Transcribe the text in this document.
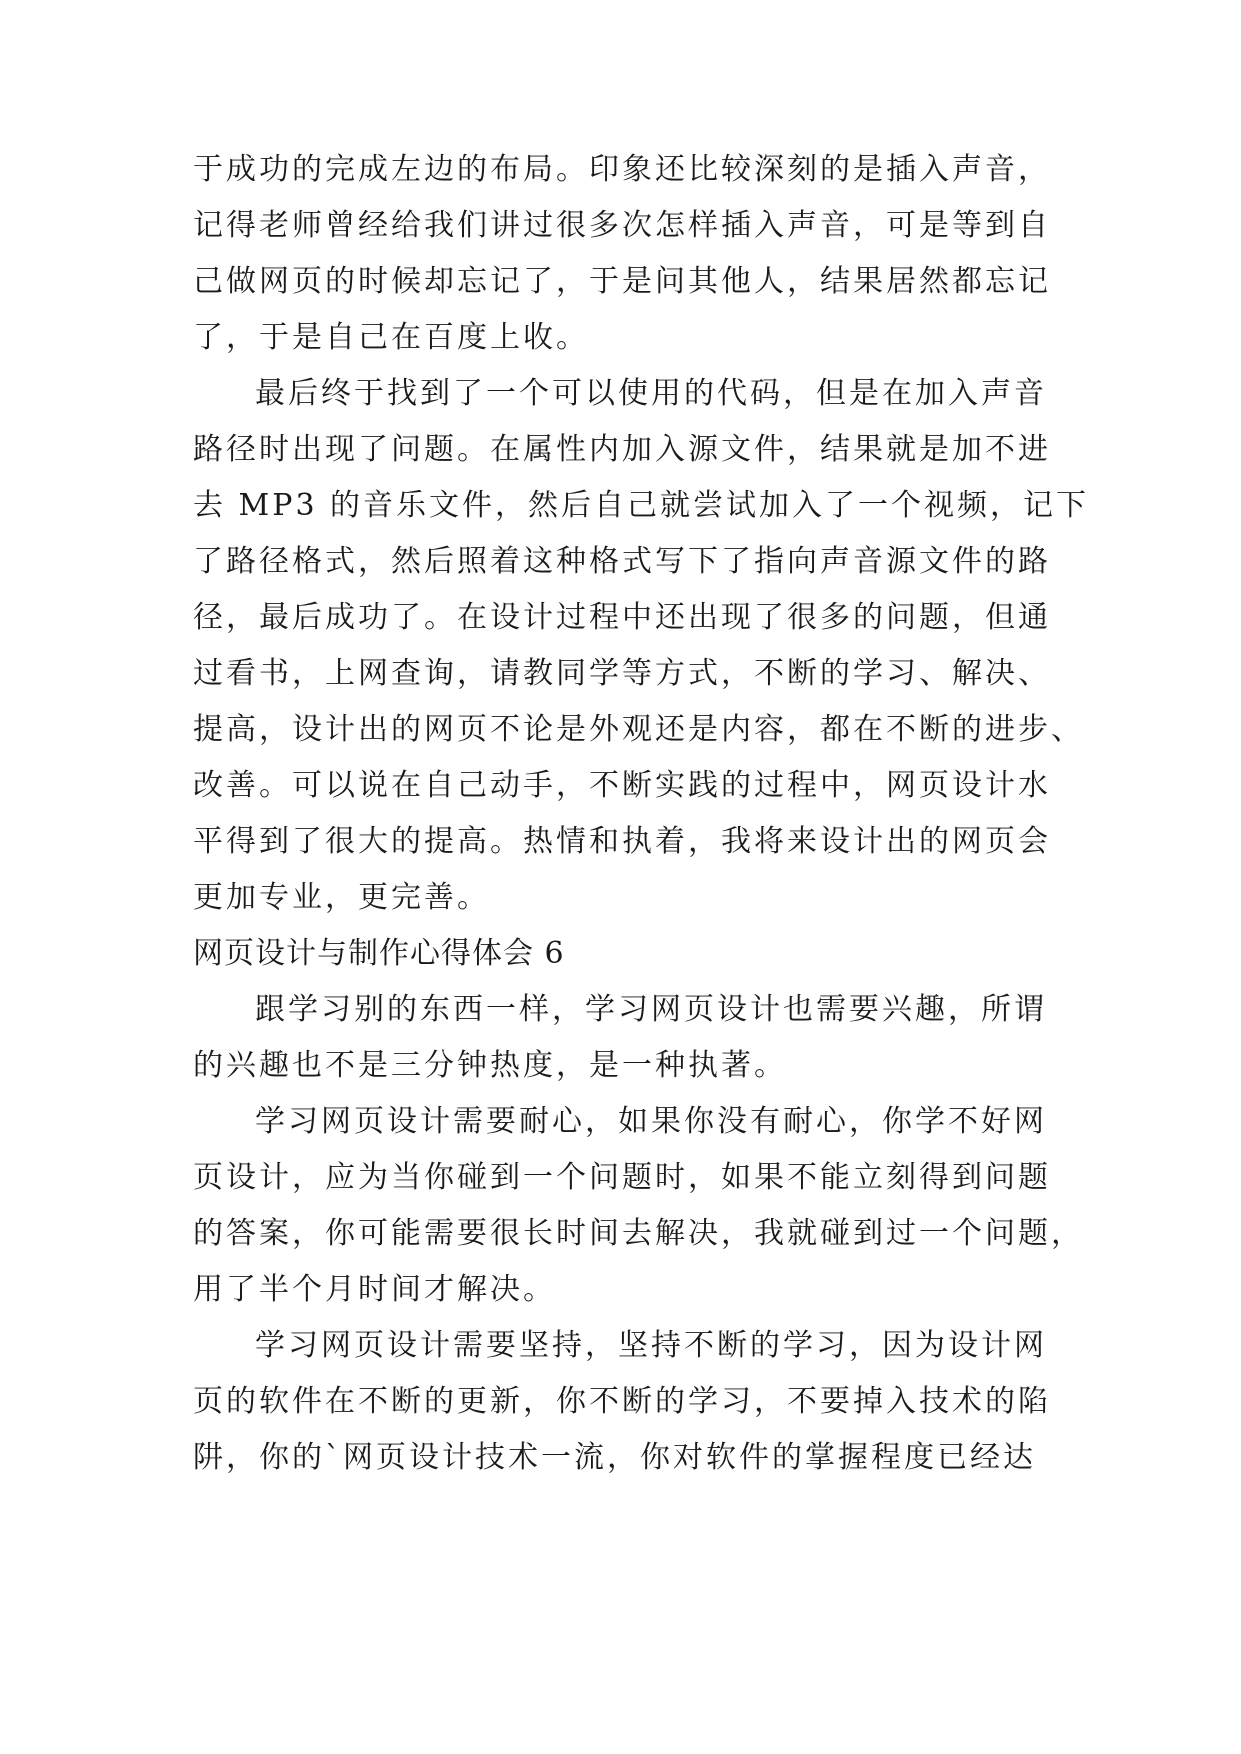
于成功的完成左边的布局。印象还比较深刻的是插入声音，
记得老师曾经给我们讲过很多次怎样插入声音，可是等到自
己做网页的时候却忘记了，于是问其他人，结果居然都忘记
了，于是自己在百度上收。
最后终于找到了一个可以使用的代码，但是在加入声音
路径时出现了问题。在属性内加入源文件，结果就是加不进
去 MP3 的音乐文件，然后自己就尝试加入了一个视频，记下
了路径格式，然后照着这种格式写下了指向声音源文件的路
径，最后成功了。在设计过程中还出现了很多的问题，但通
过看书，上网查询，请教同学等方式，不断的学习、解决、
提高，设计出的网页不论是外观还是内容，都在不断的进步、
改善。可以说在自己动手，不断实践的过程中，网页设计水
平得到了很大的提高。热情和执着，我将来设计出的网页会
更加专业，更完善。
网页设计与制作心得体会 6
跟学习别的东西一样，学习网页设计也需要兴趣，所谓
的兴趣也不是三分钟热度，是一种执著。
学习网页设计需要耐心，如果你没有耐心，你学不好网
页设计，应为当你碰到一个问题时，如果不能立刻得到问题
的答案，你可能需要很长时间去解决，我就碰到过一个问题，
用了半个月时间才解决。
学习网页设计需要坚持，坚持不断的学习，因为设计网
页的软件在不断的更新，你不断的学习，不要掉入技术的陷
阱，你的`网页设计技术一流，你对软件的掌握程度已经达
